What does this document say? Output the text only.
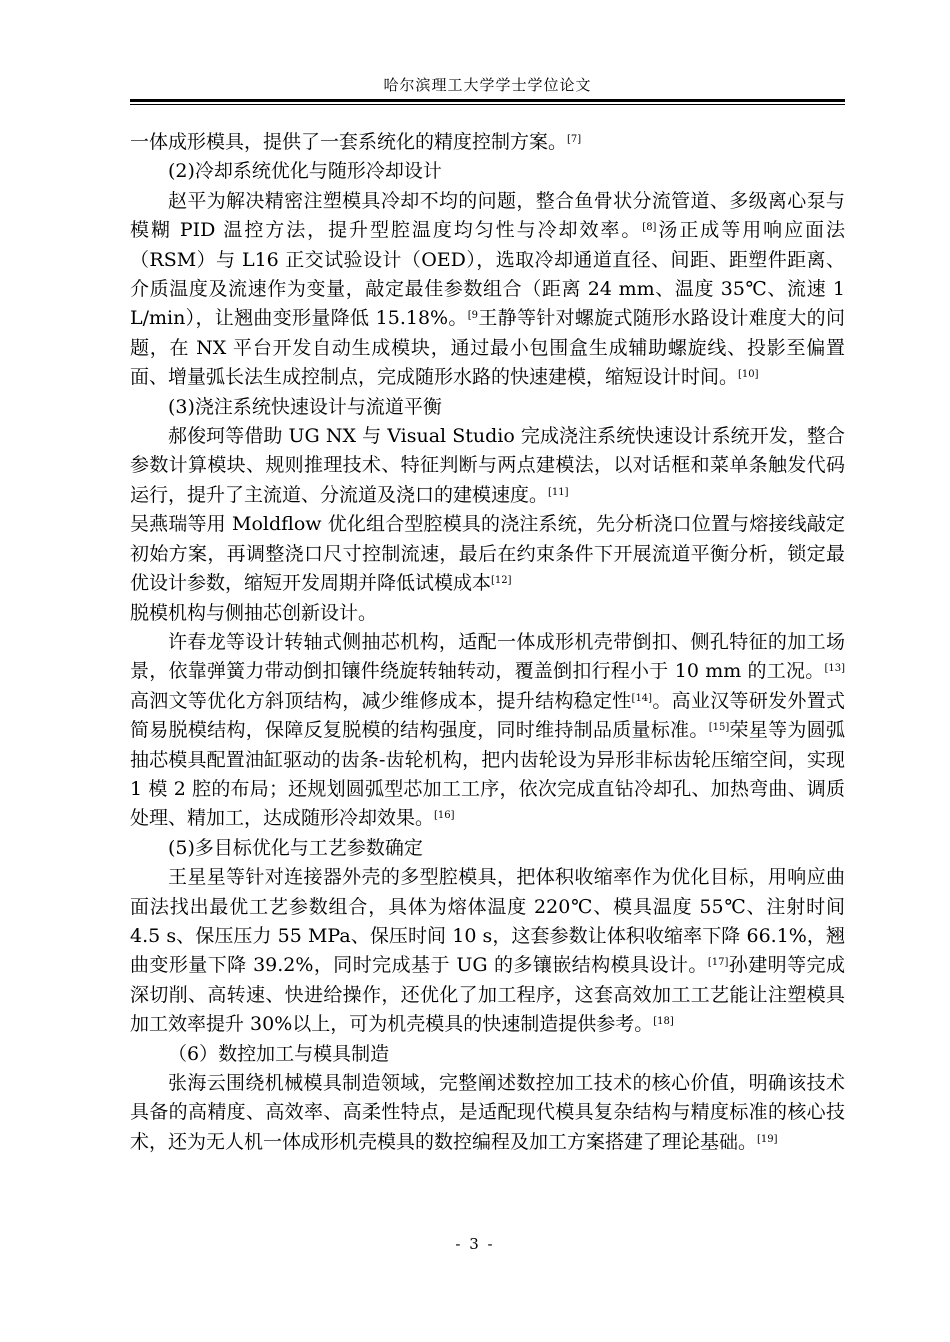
哈尔滨理工大学学士学位论文

一体成形模具，提供了一套系统化的精度控制方案。[7]

(2)冷却系统优化与随形冷却设计

赵平为解决精密注塑模具冷却不均的问题，整合鱼骨状分流管道、多级离心泵与模糊 PID 温控方法，提升型腔温度均匀性与冷却效率。[8]汤正成等用响应面法（RSM）与 L16 正交试验设计（OED），选取冷却通道直径、间距、距塑件距离、介质温度及流速作为变量，敲定最佳参数组合（距离 24 mm、温度 35℃、流速 1 L/min），让翘曲变形量降低 15.18%。$^{[9}$王静等针对螺旋式随形水路设计难度大的问题，在 NX 平台开发自动生成模块，通过最小包围盒生成辅助螺旋线、投影至偏置面、增量弧长法生成控制点，完成随形水路的快速建模，缩短设计时间。[10]

(3)浇注系统快速设计与流道平衡

郝俊珂等借助 UG NX 与 Visual Studio 完成浇注系统快速设计系统开发，整合参数计算模块、规则推理技术、特征判断与两点建模法，以对话框和菜单条触发代码运行，提升了主流道、分流道及浇口的建模速度。[11]

吴燕瑞等用 Moldflow 优化组合型腔模具的浇注系统，先分析浇口位置与熔接线敲定初始方案，再调整浇口尺寸控制流速，最后在约束条件下开展流道平衡分析，锁定最优设计参数，缩短开发周期并降低试模成本[12]

脱模机构与侧抽芯创新设计。

许春龙等设计转轴式侧抽芯机构，适配一体成形机壳带倒扣、侧孔特征的加工场景，依靠弹簧力带动倒扣镶件绕旋转轴转动，覆盖倒扣行程小于 10 mm 的工况。[13]高泗文等优化方斜顶结构，减少维修成本，提升结构稳定性[14]。高业汉等研发外置式简易脱模结构，保障反复脱模的结构强度，同时维持制品质量标准。[15]荣星等为圆弧抽芯模具配置油缸驱动的齿条-齿轮机构，把内齿轮设为异形非标齿轮压缩空间，实现 1 模 2 腔的布局；还规划圆弧型芯加工工序，依次完成直钻冷却孔、加热弯曲、调质处理、精加工，达成随形冷却效果。[16]

(5)多目标优化与工艺参数确定

王星星等针对连接器外壳的多型腔模具，把体积收缩率作为优化目标，用响应曲面法找出最优工艺参数组合，具体为熔体温度 220℃、模具温度 55℃、注射时间 4.5 s、保压压力 55 MPa、保压时间 10 s，这套参数让体积收缩率下降 66.1%，翘曲变形量下降 39.2%，同时完成基于 UG 的多镶嵌结构模具设计。[17]孙建明等完成深切削、高转速、快进给操作，还优化了加工程序，这套高效加工工艺能让注塑模具加工效率提升 30%以上，可为机壳模具的快速制造提供参考。[18]

（6）数控加工与模具制造

张海云围绕机械模具制造领域，完整阐述数控加工技术的核心价值，明确该技术具备的高精度、高效率、高柔性特点，是适配现代模具复杂结构与精度标准的核心技术，还为无人机一体成形机壳模具的数控编程及加工方案搭建了理论基础。[19]

- 3 -
